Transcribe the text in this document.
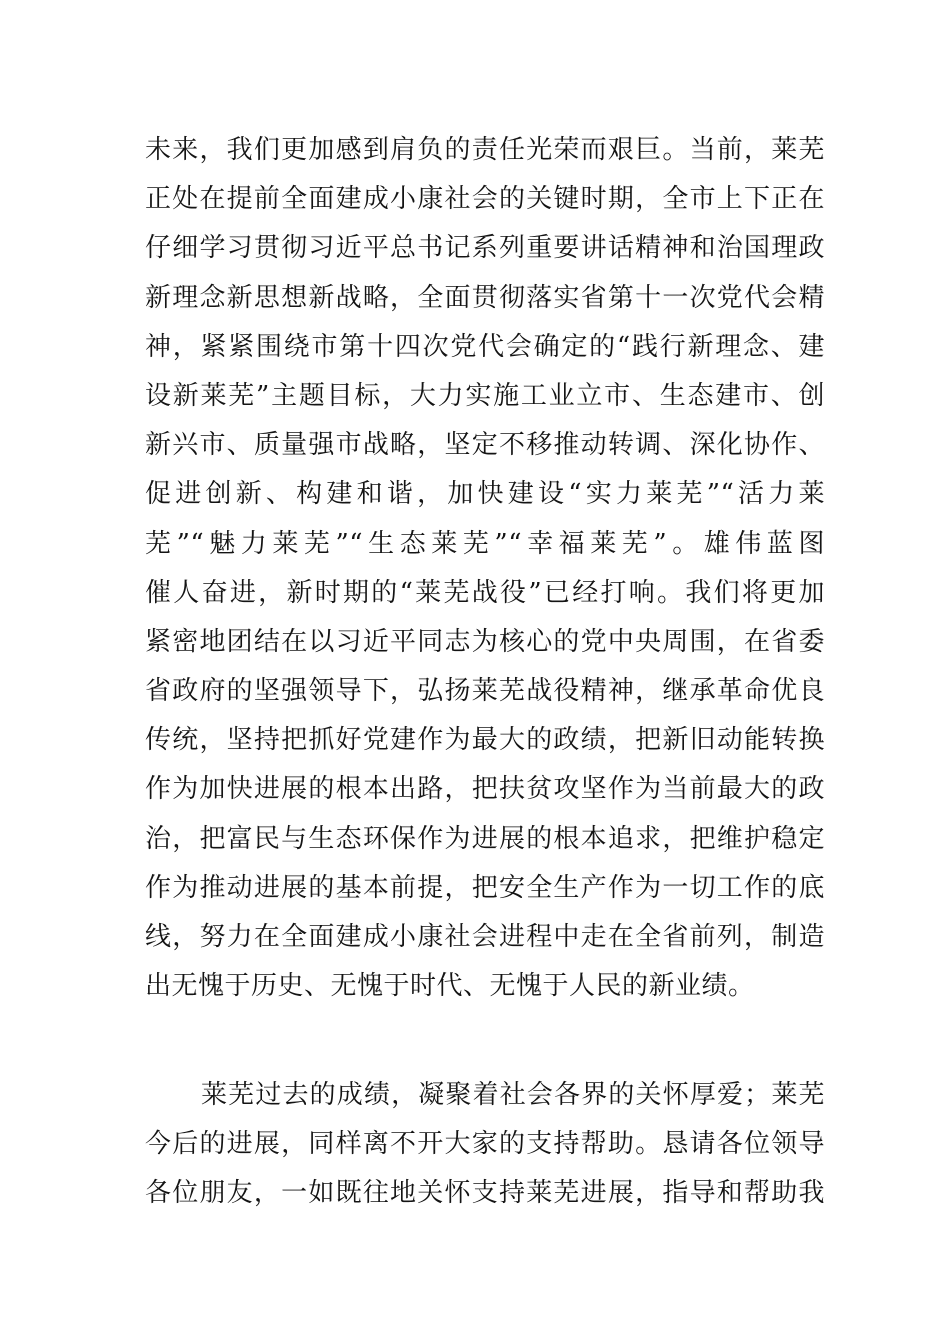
未来，我们更加感到肩负的责任光荣而艰巨。当前，莱芜
正处在提前全面建成小康社会的关键时期，全市上下正在
仔细学习贯彻习近平总书记系列重要讲话精神和治国理政
新理念新思想新战略，全面贯彻落实省第十一次党代会精
神，紧紧围绕市第十四次党代会确定的“践行新理念、建
设新莱芜”主题目标，大力实施工业立市、生态建市、创
新兴市、质量强市战略，坚定不移推动转调、深化协作、
促进创新、构建和谐，加快建设“实力莱芜”“活力莱
芜”“魅力莱芜”“生态莱芜”“幸福莱芜”。雄伟蓝图
催人奋进，新时期的“莱芜战役”已经打响。我们将更加
紧密地团结在以习近平同志为核心的党中央周围，在省委
省政府的坚强领导下，弘扬莱芜战役精神，继承革命优良
传统，坚持把抓好党建作为最大的政绩，把新旧动能转换
作为加快进展的根本出路，把扶贫攻坚作为当前最大的政
治，把富民与生态环保作为进展的根本追求，把维护稳定
作为推动进展的基本前提，把安全生产作为一切工作的底
线，努力在全面建成小康社会进程中走在全省前列，制造
出无愧于历史、无愧于时代、无愧于人民的新业绩。
莱芜过去的成绩，凝聚着社会各界的关怀厚爱；莱芜
今后的进展，同样离不开大家的支持帮助。恳请各位领导
各位朋友，一如既往地关怀支持莱芜进展，指导和帮助我
